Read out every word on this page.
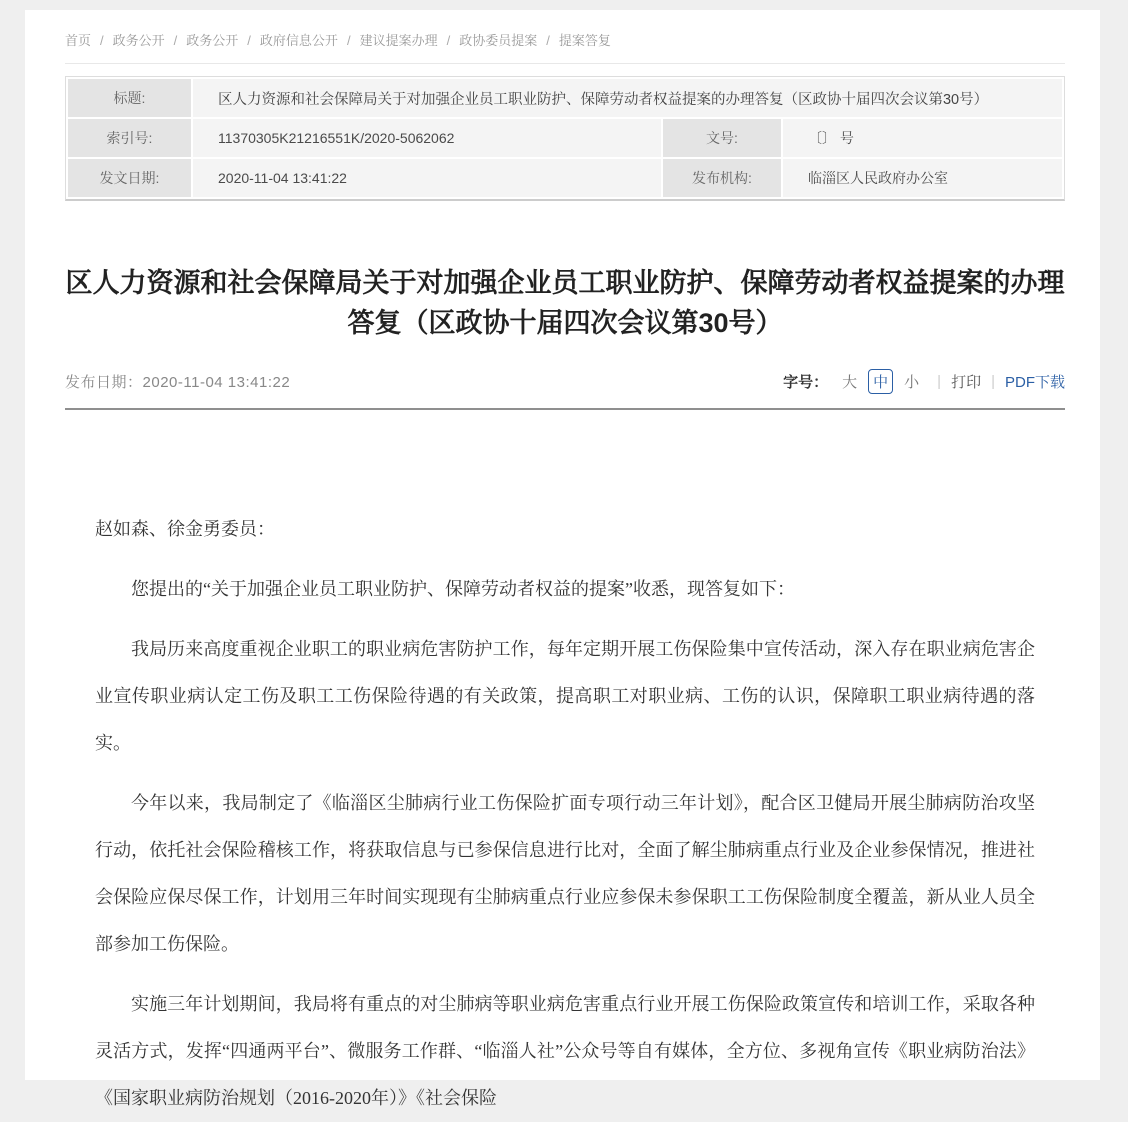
首页 / 政务公开 / 政务公开 / 政府信息公开 / 建议提案办理 / 政协委员提案 / 提案答复
标题:	区人力资源和社会保障局关于对加强企业员工职业防护、保障劳动者权益提案的办理答复（区政协十届四次会议第30号）		
索引号:	11370305K21216551K/2020-5062062	文号:	〔〕 号
发文日期:	2020-11-04 13:41:22	发布机构:	临淄区人民政府办公室
区人力资源和社会保障局关于对加强企业员工职业防护、保障劳动者权益提案的办理答复（区政协十届四次会议第30号）
发布日期：2020-11-04 13:41:22	字号： 大	中	小	| 打印 | PDF下载

赵如森、徐金勇委员：

您提出的“关于加强企业员工职业防护、保障劳动者权益的提案”收悉，现答复如下：

我局历来高度重视企业职工的职业病危害防护工作，每年定期开展工伤保险集中宣传活动，深入存在职业病危害企业宣传职业病认定工伤及职工工伤保险待遇的有关政策，提高职工对职业病、工伤的认识，保障职工职业病待遇的落实。

今年以来，我局制定了《临淄区尘肺病行业工伤保险扩面专项行动三年计划》，配合区卫健局开展尘肺病防治攻坚行动，依托社会保险稽核工作，将获取信息与已参保信息进行比对，全面了解尘肺病重点行业及企业参保情况，推进社会保险应保尽保工作，计划用三年时间实现现有尘肺病重点行业应参保未参保职工工伤保险制度全覆盖，新从业人员全部参加工伤保险。

实施三年计划期间，我局将有重点的对尘肺病等职业病危害重点行业开展工伤保险政策宣传和培训工作，采取各种灵活方式，发挥“四通两平台”、微服务工作群、“临淄人社”公众号等自有媒体，全方位、多视角宣传《职业病防治法》《国家职业病防治规划（2016-2020年）》《社会保险
